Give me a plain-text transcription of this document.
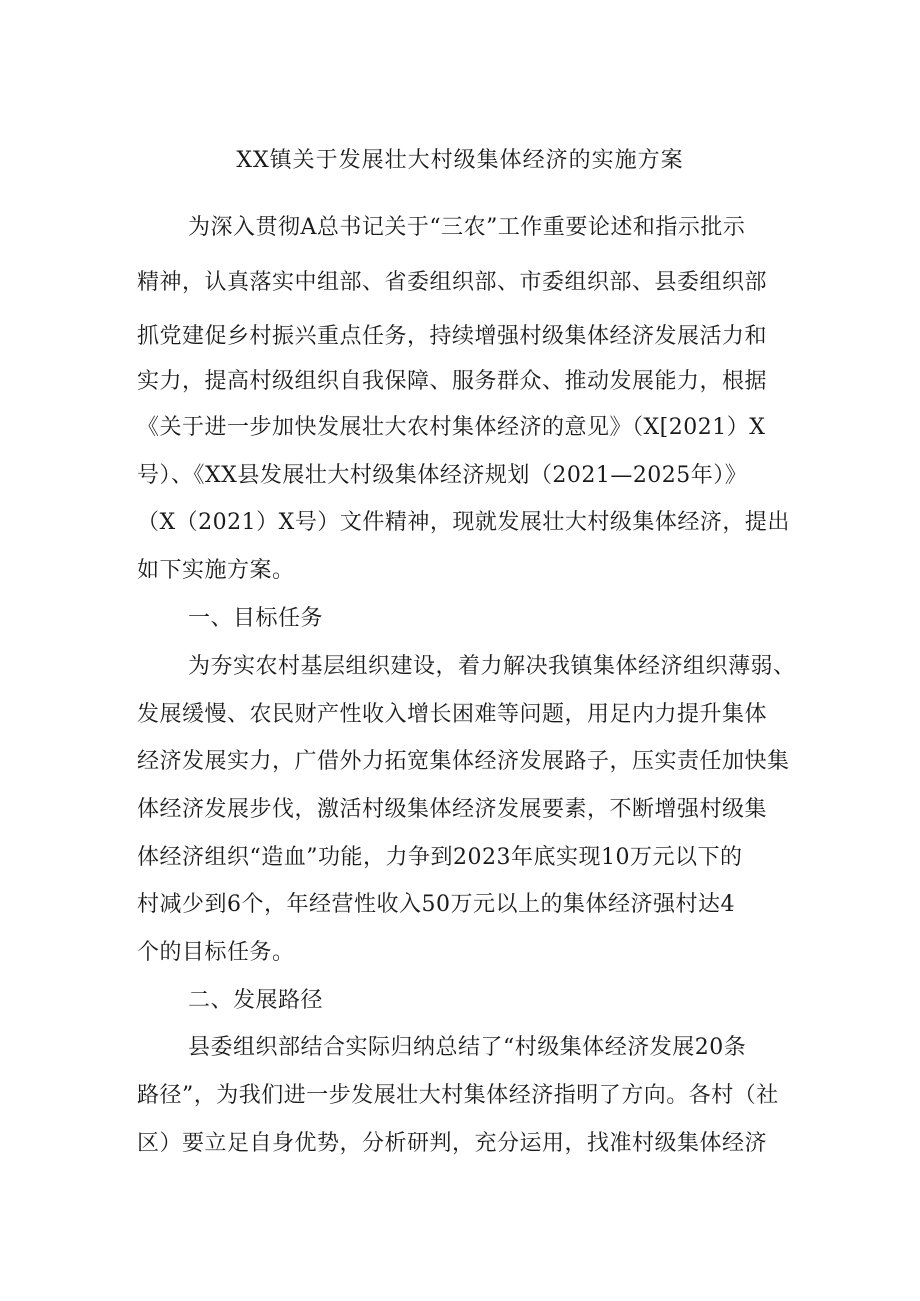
XX镇关于发展壮大村级集体经济的实施方案
为深入贯彻A总书记关于“三农”工作重要论述和指示批示
精神，认真落实中组部、省委组织部、市委组织部、县委组织部
抓党建促乡村振兴重点任务，持续增强村级集体经济发展活力和
实力，提高村级组织自我保障、服务群众、推动发展能力，根据
《关于进一步加快发展壮大农村集体经济的意见》（X[2021）X
号）、《XX县发展壮大村级集体经济规划（2021—2025年）》
（X（2021）X号）文件精神，现就发展壮大村级集体经济，提出
如下实施方案。
一、目标任务
为夯实农村基层组织建设，着力解决我镇集体经济组织薄弱、
发展缓慢、农民财产性收入增长困难等问题，用足内力提升集体
经济发展实力，广借外力拓宽集体经济发展路子，压实责任加快集
体经济发展步伐，激活村级集体经济发展要素，不断增强村级集
体经济组织“造血”功能，力争到2023年底实现10万元以下的
村减少到6个，年经营性收入50万元以上的集体经济强村达4
个的目标任务。
二、发展路径
县委组织部结合实际归纳总结了“村级集体经济发展20条
路径”，为我们进一步发展壮大村集体经济指明了方向。各村（社
区）要立足自身优势，分析研判，充分运用，找准村级集体经济
